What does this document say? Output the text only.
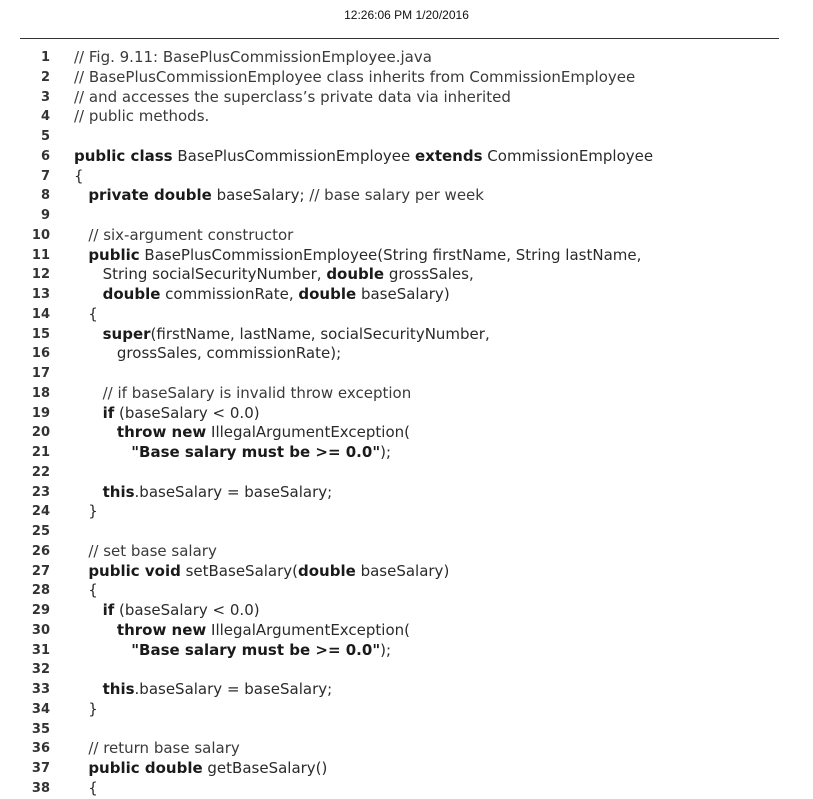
12:26:06 PM 1/20/2016
1 // Fig. 9.11: BasePlusCommissionEmployee.java
2 // BasePlusCommissionEmployee class inherits from CommissionEmployee
3 // and accesses the superclass’s private data via inherited
4 // public methods.
5
6 public class BasePlusCommissionEmployee extends CommissionEmployee
7 {
8	private double baseSalary; // base salary per week
9
10	// six-argument constructor
11	public BasePlusCommissionEmployee(String firstName, String lastName,
12 String socialSecurityNumber, double grossSales,
13	double commissionRate, double baseSalary)
14 {
15	super(firstName, lastName, socialSecurityNumber,
16 grossSales, commissionRate);
17
18	// if baseSalary is invalid throw exception
19	if (baseSalary < 0.0)
20	throw new IllegalArgumentException(
21	"Base salary must be >= 0.0");
22
23	this.baseSalary = baseSalary;
24 }
25
26	// set base salary
27	public void setBaseSalary(double baseSalary)
28 {
29	if (baseSalary < 0.0)
30	throw new IllegalArgumentException(
31	"Base salary must be >= 0.0");
32
33	this.baseSalary = baseSalary;
34 }
35
36	// return base salary
37	public double getBaseSalary()
38 {
